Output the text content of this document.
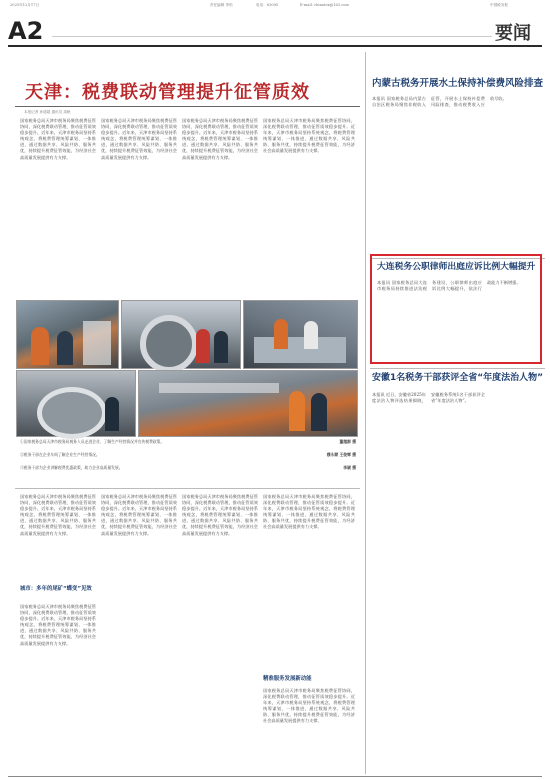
2025年12月17日	责任编辑 李松	电话：63095	E-mail: chinatex@163.com	中国税务报
A2	要闻
天津：税费联动管理提升征管质效
本报记者 孙德超 通讯员 周帆
国家税务总局天津市税务局聚焦税费征管协同，深化税费联动管理，推动征管质效稳步提升。近年来，天津市税务局坚持系统观念，将税费管理统筹谋划、一体推进，通过数据共享、风险共防、服务共优，持续提升税费征管效能，为经济社会高质量发展提供有力支撑。
国家税务总局天津市税务局聚焦税费征管协同，深化税费联动管理，推动征管质效稳步提升。近年来，天津市税务局坚持系统观念，将税费管理统筹谋划、一体推进，通过数据共享、风险共防、服务共优，持续提升税费征管效能，为经济社会高质量发展提供有力支撑。
国家税务总局天津市税务局聚焦税费征管协同，深化税费联动管理，推动征管质效稳步提升。近年来，天津市税务局坚持系统观念，将税费管理统筹谋划、一体推进，通过数据共享、风险共防、服务共优，持续提升税费征管效能，为经济社会高质量发展提供有力支撑。
国家税务总局天津市税务局聚焦税费征管协同，深化税费联动管理，推动征管质效稳步提升。近年来，天津市税务局坚持系统观念，将税费管理统筹谋划、一体推进，通过数据共享、风险共防、服务共优，持续提升税费征管效能，为经济社会高质量发展提供有力支撑。
①国家税务总局天津市税务局税务人员走进企业，了解生产经营情况并宣传税费政策。	董越群 摄
②税务干部在企业车间了解企业生产经营情况。	穆永顺 王俊辉 摄
③税务干部为企业讲解税费优惠政策，助力企业高质量发展。	李颖 摄
国家税务总局天津市税务局聚焦税费征管协同，深化税费联动管理，推动征管质效稳步提升。近年来，天津市税务局坚持系统观念，将税费管理统筹谋划、一体推进，通过数据共享、风险共防、服务共优，持续提升税费征管效能，为经济社会高质量发展提供有力支撑。
城市：多年的尾矿“蝶变”见效
国家税务总局天津市税务局聚焦税费征管协同，深化税费联动管理，推动征管质效稳步提升。近年来，天津市税务局坚持系统观念，将税费管理统筹谋划、一体推进，通过数据共享、风险共防、服务共优，持续提升税费征管效能，为经济社会高质量发展提供有力支撑。
国家税务总局天津市税务局聚焦税费征管协同，深化税费联动管理，推动征管质效稳步提升。近年来，天津市税务局坚持系统观念，将税费管理统筹谋划、一体推进，通过数据共享、风险共防、服务共优，持续提升税费征管效能，为经济社会高质量发展提供有力支撑。
国家税务总局天津市税务局聚焦税费征管协同，深化税费联动管理，推动征管质效稳步提升。近年来，天津市税务局坚持系统观念，将税费管理统筹谋划、一体推进，通过数据共享、风险共防、服务共优，持续提升税费征管效能，为经济社会高质量发展提供有力支撑。
国家税务总局天津市税务局聚焦税费征管协同，深化税费联动管理，推动征管质效稳步提升。近年来，天津市税务局坚持系统观念，将税费管理统筹谋划、一体推进，通过数据共享、风险共防、服务共优，持续提升税费征管效能，为经济社会高质量发展提供有力支撑。
精准服务发展新动能
国家税务总局天津市税务局聚焦税费征管协同，深化税费联动管理，推动征管质效稳步提升。近年来，天津市税务局坚持系统观念，将税费管理统筹谋划、一体推进，通过数据共享、风险共防、服务共优，持续提升税费征管效能，为经济社会高质量发展提供有力支撑。
内蒙古税务开展水土保持补偿费风险排查
本报讯 国家税务总局内蒙古自治区税务局聚焦非税收入征管，开展水土保持补偿费风险排查，推动税费收入应收尽收。
大连税务公职律师出庭应诉比例大幅提升
本报讯 国家税务总局大连市税务局持续推进法治税务建设，公职律师出庭应诉比例大幅提升，依法行政能力不断增强。
安徽1名税务干部获评全省“年度法治人物”
本报讯 近日，安徽省2025年度法治人物评选结果揭晓，安徽税务系统1名干部获评全省“年度法治人物”。
